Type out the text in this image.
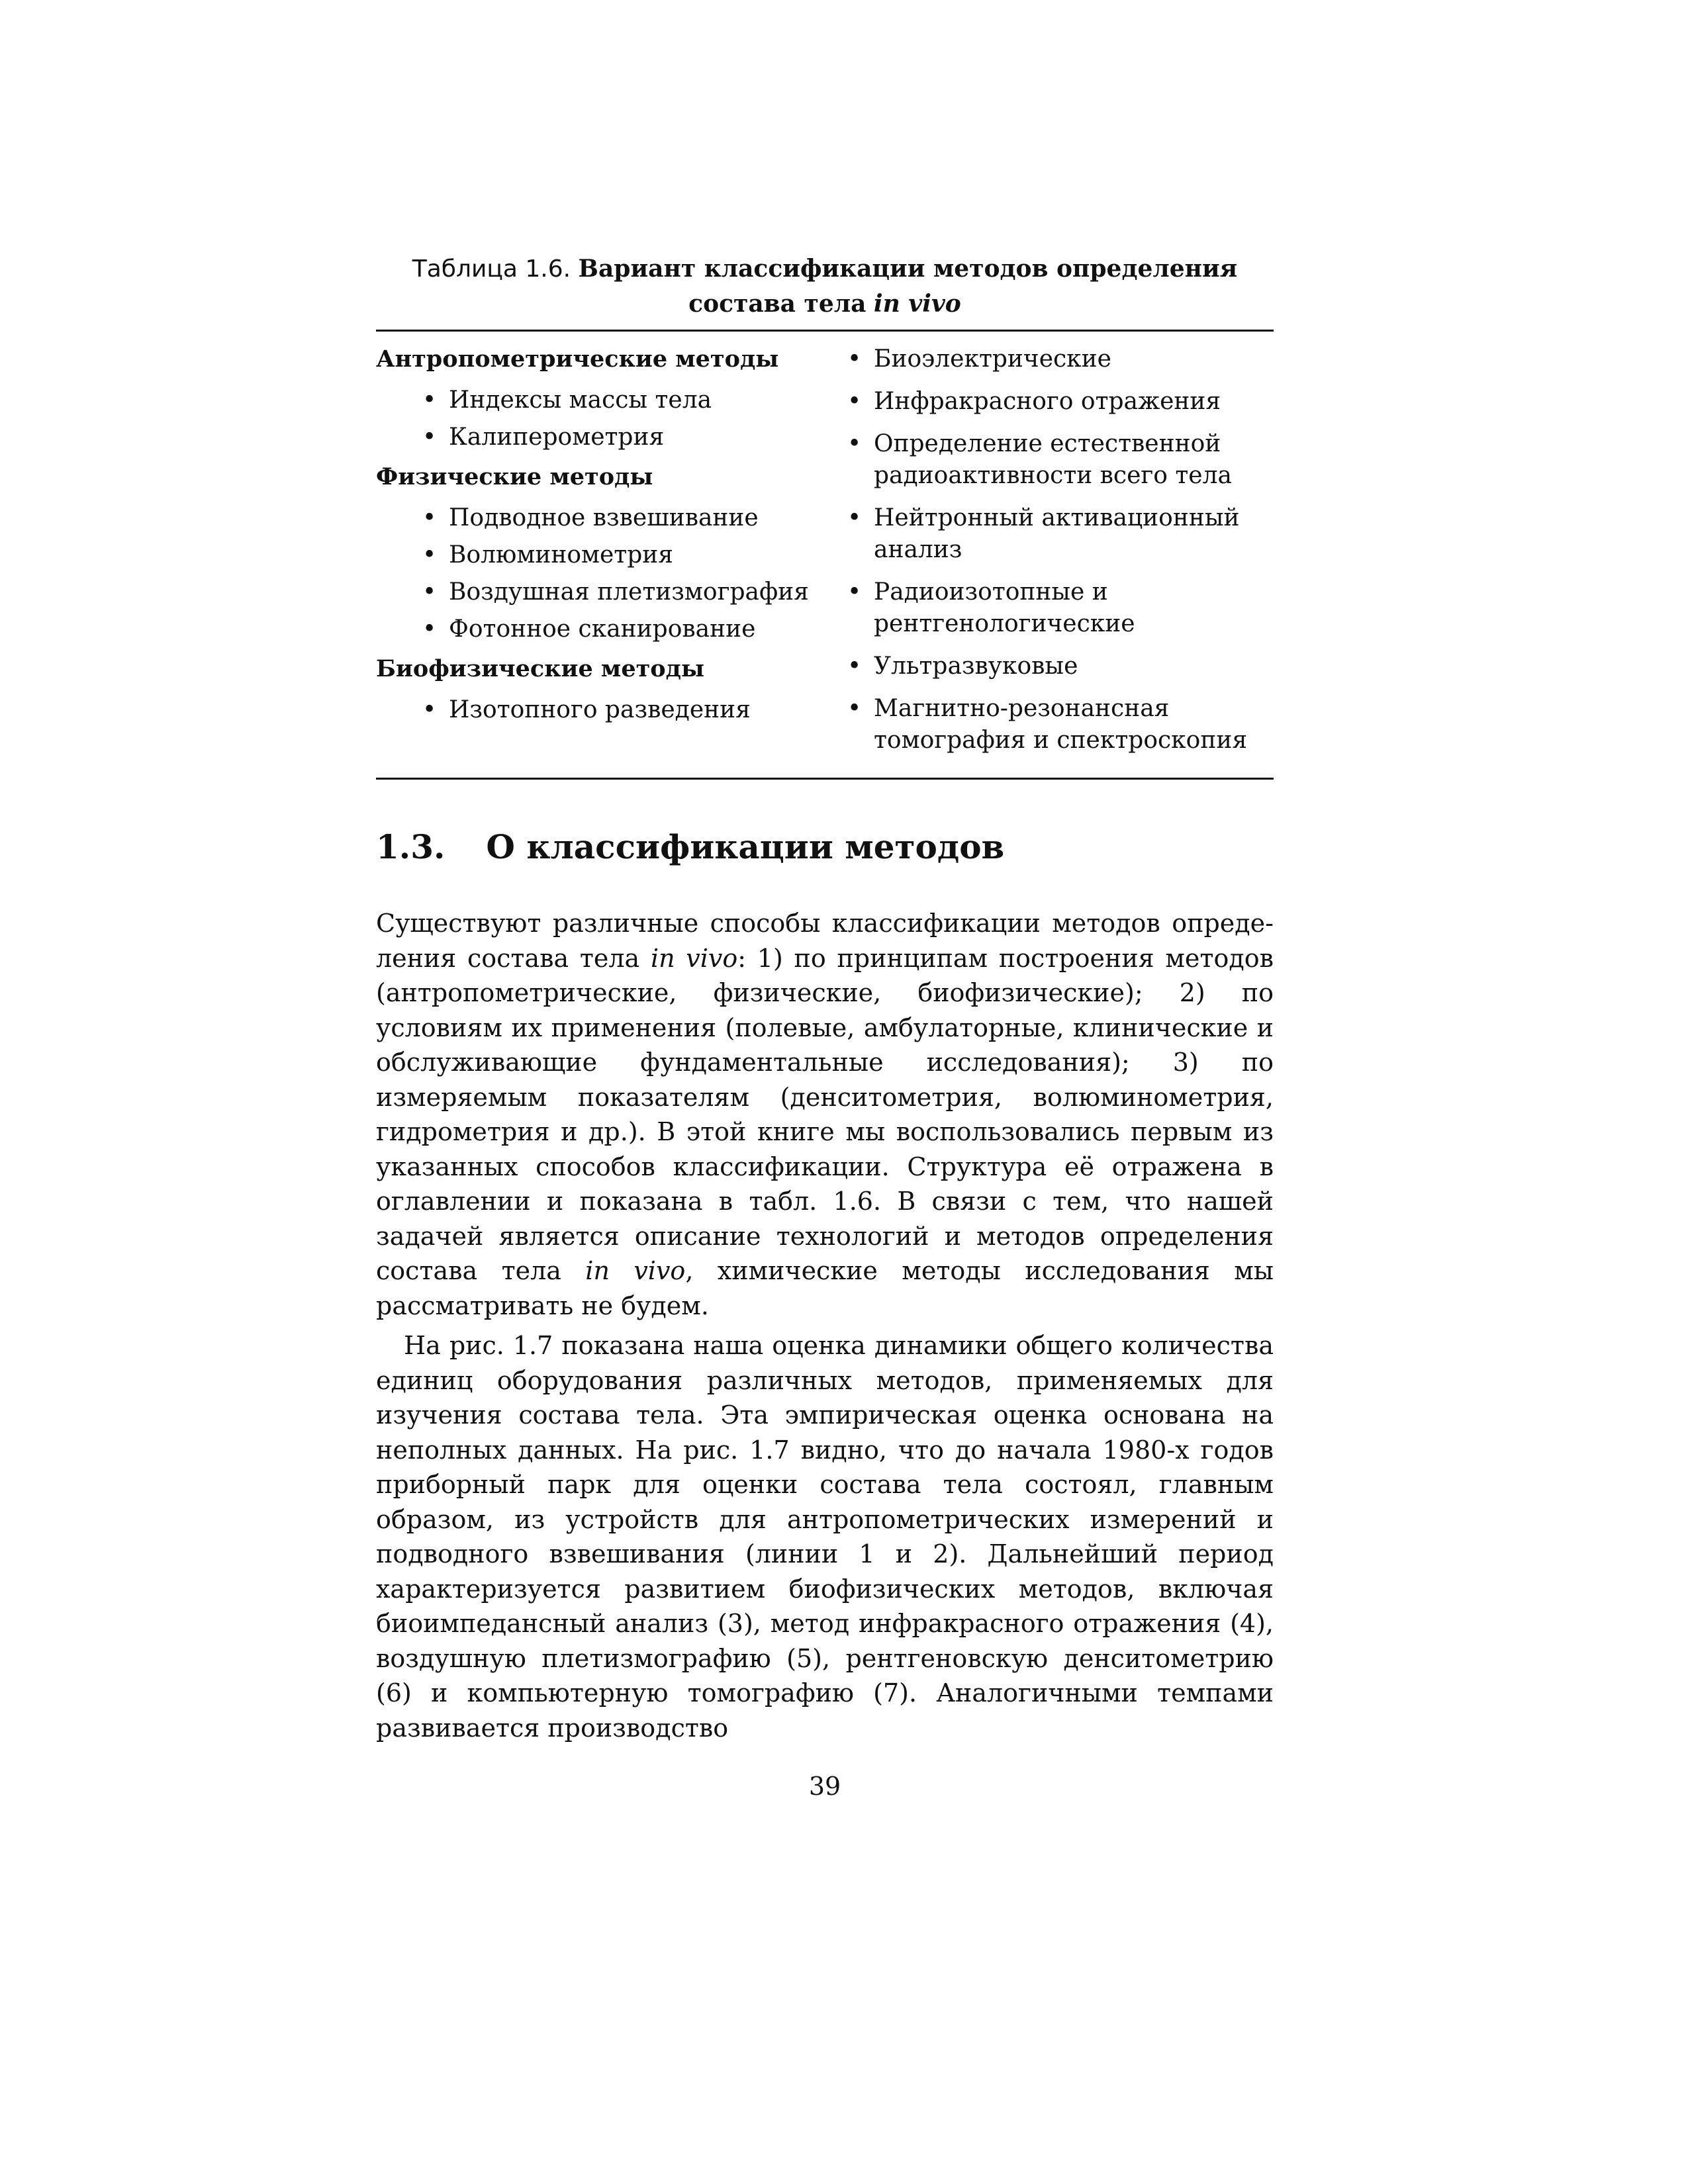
Таблица 1.6. Вариант классификации методов определения
состава тела in vivo
Антропометрические методы
• Индексы массы тела
• Калиперометрия
Физические методы
• Подводное взвешивание
• Волюминометрия
• Воздушная плетизмография
• Фотонное сканирование
Биофизические методы
• Изотопного разведения
• Биоэлектрические
• Инфракрасного отражения
• Определение естественной радиоактивности всего тела
• Нейтронный активационный анализ
• Радиоизотопные и рентгенологические
• Ультразвуковые
• Магнитно-резонансная томография и спектроскопия
1.3. О классификации методов

Существуют различные способы классификации методов определения состава тела in vivo: 1) по принципам построения методов (антропометрические, физические, биофизические); 2) по условиям их применения (полевые, амбулаторные, клинические и обслуживающие фундаментальные исследования); 3) по измеряемым показателям (денситометрия, волюминометрия, гидрометрия и др.). В этой книге мы воспользовались первым из указанных способов классификации. Структура её отражена в оглавлении и показана в табл. 1.6. В связи с тем, что нашей задачей является описание технологий и методов определения состава тела in vivo, химические методы исследования мы рассматривать не будем.

На рис. 1.7 показана наша оценка динамики общего количества единиц оборудования различных методов, применяемых для изучения состава тела. Эта эмпирическая оценка основана на неполных данных. На рис. 1.7 видно, что до начала 1980-х годов приборный парк для оценки состава тела состоял, главным образом, из устройств для антропометрических измерений и подводного взвешивания (линии 1 и 2). Дальнейший период характеризуется развитием биофизических методов, включая биоимпедансный анализ (3), метод инфракрасного отражения (4), воздушную плетизмографию (5), рентгеновскую денситометрию (6) и компьютерную томографию (7). Аналогичными темпами развивается производство

39
